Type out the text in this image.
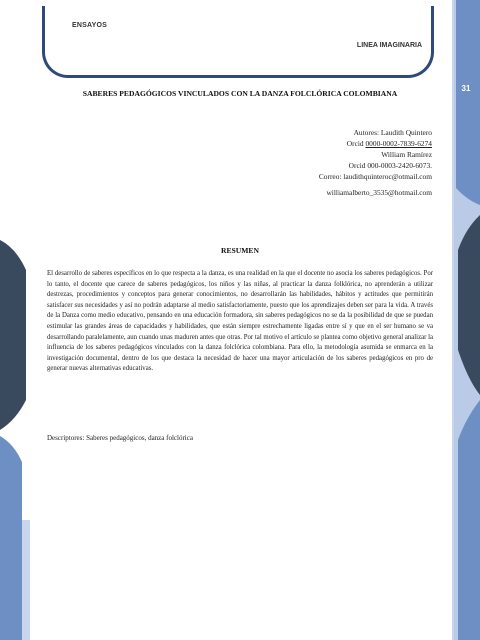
ENSAYOS
LINEA IMAGINARIA
31
SABERES PEDAGÓGICOS VINCULADOS CON LA DANZA FOLCLÓRICA COLOMBIANA
Autores: Laudith Quintero
Orcid 0000-0002-7839-6274
William Ramírez
Orcid 000-0003-2420-6073.
Correo: laudithquinteroc@otmail.com
williamalberto_3535@hotmail.com
RESUMEN
El desarrollo de saberes específicos en lo que respecta a la danza, es una realidad en la que el docente no asocia los saberes pedagógicos. Por lo tanto, el docente que carece de saberes pedagógicos, los niños y las niñas, al practicar la danza folklórica, no aprenderán a utilizar destrezas, procedimientos y conceptos para generar conocimientos, no desarrollarán las habilidades, hábitos y actitudes que permitirán satisfacer sus necesidades y así no podrán adaptarse al medio satisfactoriamente, puesto que los aprendizajes deben ser para la vida. A través de la Danza como medio educativo, pensando en una educación formadora, sin saberes pedagógicos no se da la posibilidad de que se puedan estimular las grandes áreas de capacidades y habilidades, que están siempre estrechamente ligadas entre sí y que en el ser humano se va desarrollando paralelamente, aun cuando unas maduren antes que otras. Por tal motivo el artículo se plantea como objetivo general analizar la influencia de los saberes pedagógicos vinculados con la danza folclórica colombiana. Para ello, la metodología asumida se enmarca en la investigación documental, dentro de los que destaca la necesidad de hacer una mayor articulación de los saberes pedagógicos en pro de generar nuevas alternativas educativas.
Descriptores: Saberes pedagógicos, danza folclórica
